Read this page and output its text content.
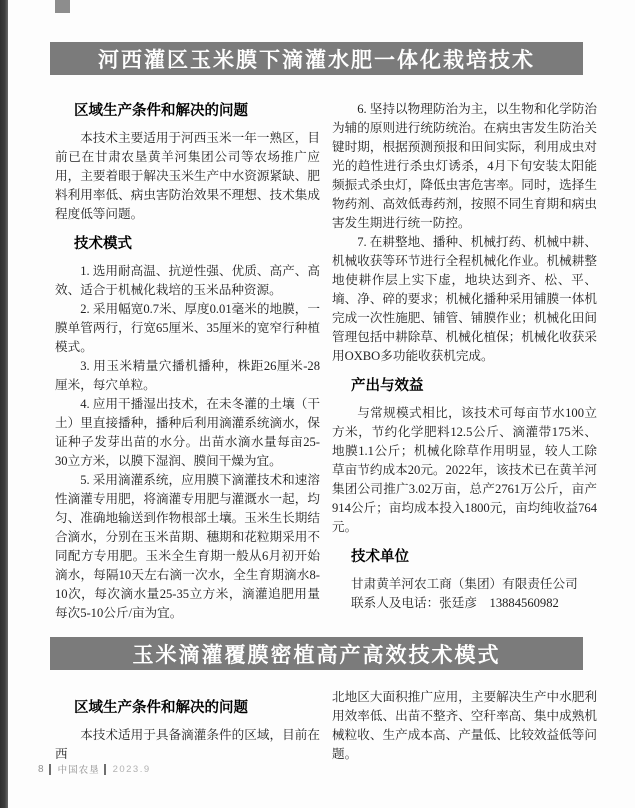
河西灌区玉米膜下滴灌水肥一体化栽培技术
区域生产条件和解决的问题

本技术主要适用于河西玉米一年一熟区，目前已在甘肃农垦黄羊河集团公司等农场推广应用，主要着眼于解决玉米生产中水资源紧缺、肥料利用率低、病虫害防治效果不理想、技术集成程度低等问题。

技术模式

1. 选用耐高温、抗逆性强、优质、高产、高效、适合于机械化栽培的玉米品种资源。

2. 采用幅宽0.7米、厚度0.01毫米的地膜，一膜单管两行，行宽65厘米、35厘米的宽窄行种植模式。

3. 用玉米精量穴播机播种，株距26厘米-28厘米，每穴单粒。

4. 应用干播湿出技术，在未冬灌的土壤（干土）里直接播种，播种后利用滴灌系统滴水，保证种子发芽出苗的水分。出苗水滴水量每亩25-30立方米，以膜下湿润、膜间干燥为宜。

5. 采用滴灌系统，应用膜下滴灌技术和速溶性滴灌专用肥，将滴灌专用肥与灌溉水一起，均匀、准确地输送到作物根部土壤。玉米生长期结合滴水，分别在玉米苗期、穗期和花粒期采用不同配方专用肥。玉米全生育期一般从6月初开始滴水，每隔10天左右滴一次水，全生育期滴水8-10次，每次滴水量25-35立方米，滴灌追肥用量每次5-10公斤/亩为宜。

6. 坚持以物理防治为主，以生物和化学防治为辅的原则进行统防统治。在病虫害发生防治关键时期，根据预测预报和田间实际，利用成虫对光的趋性进行杀虫灯诱杀，4月下旬安装太阳能频振式杀虫灯，降低虫害危害率。同时，选择生物药剂、高效低毒药剂，按照不同生育期和病虫害发生期进行统一防控。

7. 在耕整地、播种、机械打药、机械中耕、机械收获等环节进行全程机械化作业。机械耕整地使耕作层上实下虚，地块达到齐、松、平、墒、净、碎的要求；机械化播种采用铺膜一体机完成一次性施肥、铺管、铺膜作业；机械化田间管理包括中耕除草、机械化植保；机械化收获采用OXBO多功能收获机完成。

产出与效益

与常规模式相比，该技术可每亩节水100立方米，节约化学肥料12.5公斤、滴灌带175米、地膜1.1公斤；机械化除草作用明显，较人工除草亩节约成本20元。2022年，该技术已在黄羊河集团公司推广3.02万亩，总产2761万公斤，亩产914公斤；亩均成本投入1800元，亩均纯收益764元。

技术单位

甘肃黄羊河农工商（集团）有限责任公司

联系人及电话：张廷彦　13884560982

玉米滴灌覆膜密植高产高效技术模式
区域生产条件和解决的问题

本技术适用于具备滴灌条件的区域，目前在西

北地区大面积推广应用，主要解决生产中水肥利用效率低、出苗不整齐、空秆率高、集中成熟机械粒收、生产成本高、产量低、比较效益低等问题。

8 中国农垦 2023.9
